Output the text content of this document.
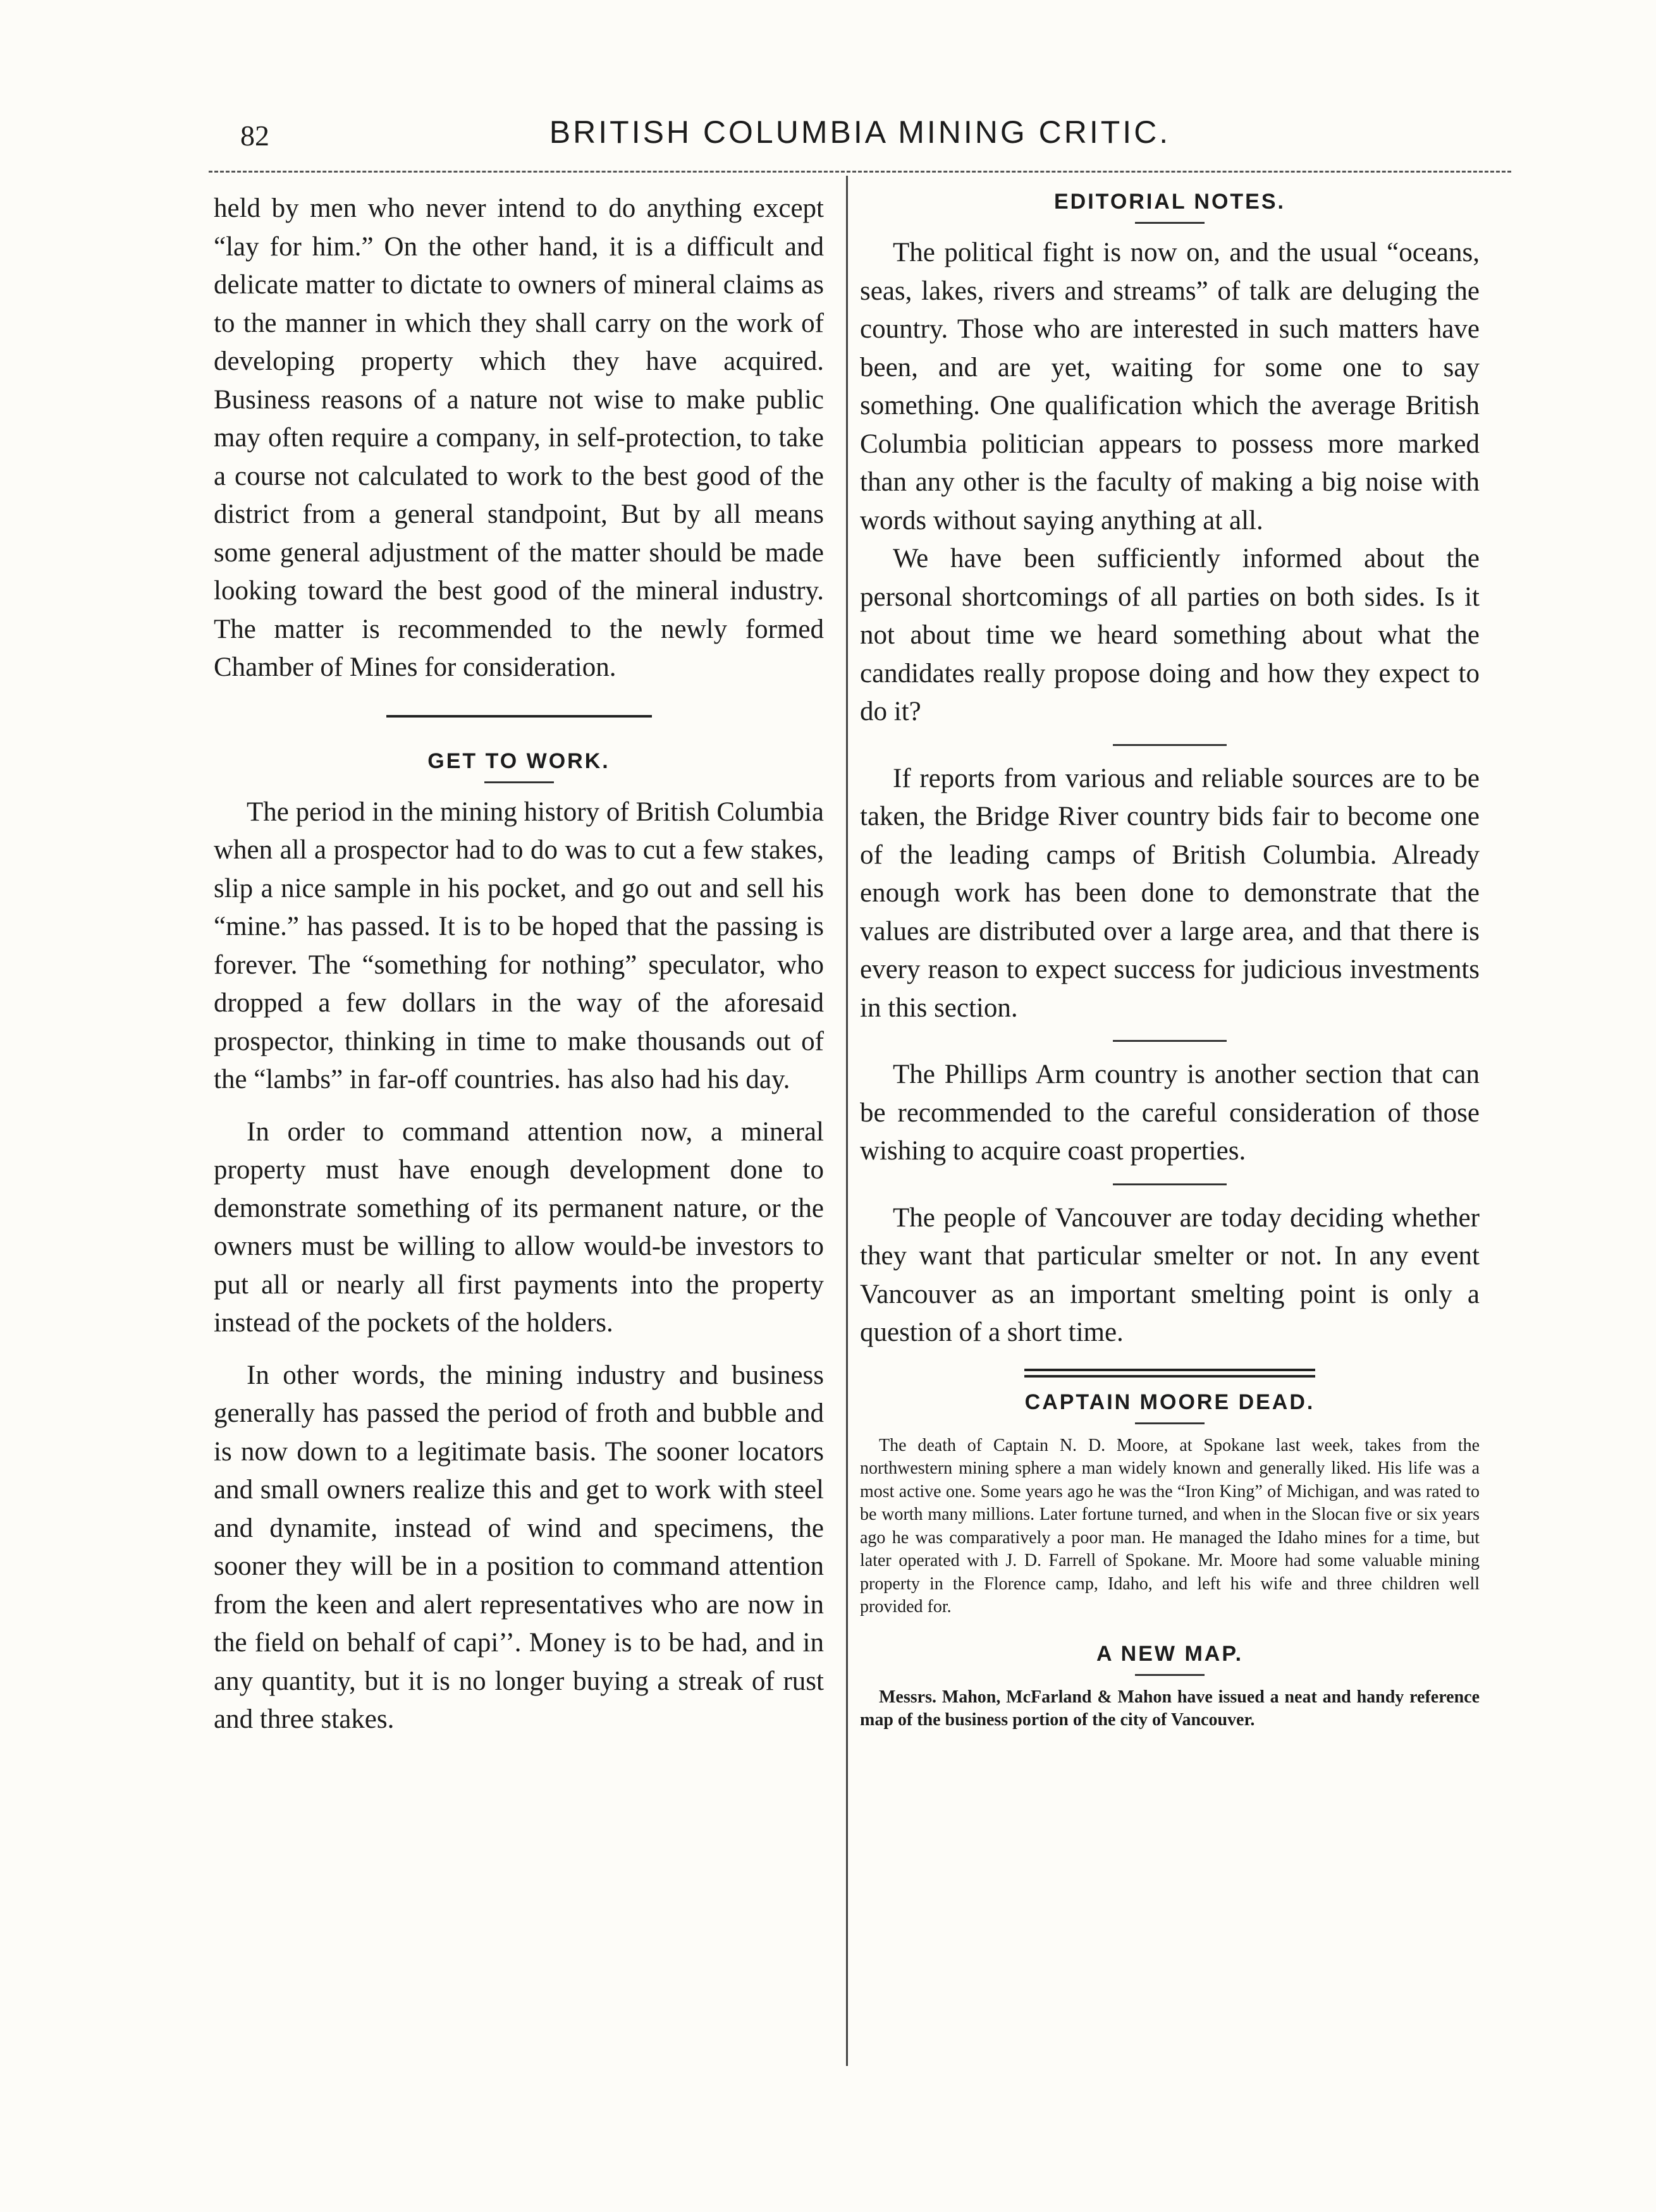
82	BRITISH COLUMBIA MINING CRITIC.

held by men who never intend to do anything except “lay for him.” On the other hand, it is a difficult and delicate matter to dictate to owners of mineral claims as to the manner in which they shall carry on the work of developing property which they have acquired. Business reasons of a nature not wise to make public may often require a company, in self-protection, to take a course not calculated to work to the best good of the district from a general standpoint, But by all means some general adjustment of the matter should be made looking toward the best good of the mineral industry. The matter is recommended to the newly formed Chamber of Mines for consideration.

GET TO WORK.

The period in the mining history of British Columbia when all a prospector had to do was to cut a few stakes, slip a nice sample in his pocket, and go out and sell his “mine.” has passed. It is to be hoped that the passing is forever. The “something for nothing” speculator, who dropped a few dollars in the way of the aforesaid prospector, thinking in time to make thousands out of the “lambs” in far-off countries. has also had his day.

In order to command attention now, a mineral property must have enough development done to demonstrate something of its permanent nature, or the owners must be willing to allow would-be investors to put all or nearly all first payments into the property instead of the pockets of the holders.

In other words, the mining industry and business generally has passed the period of froth and bubble and is now down to a legitimate basis. The sooner locators and small owners realize this and get to work with steel and dynamite, instead of wind and specimens, the sooner they will be in a position to command attention from the keen and alert representatives who are now in the field on behalf of capi’’. Money is to be had, and in any quantity, but it is no longer buying a streak of rust and three stakes.

EDITORIAL NOTES.

The political fight is now on, and the usual “oceans, seas, lakes, rivers and streams” of talk are deluging the country. Those who are interested in such matters have been, and are yet, waiting for some one to say something. One qualification which the average British Columbia politician appears to possess more marked than any other is the faculty of making a big noise with words without saying anything at all.

We have been sufficiently informed about the personal shortcomings of all parties on both sides. Is it not about time we heard something about what the candidates really propose doing and how they expect to do it?

If reports from various and reliable sources are to be taken, the Bridge River country bids fair to become one of the leading camps of British Columbia. Already enough work has been done to demonstrate that the values are distributed over a large area, and that there is every reason to expect success for judicious investments in this section.

The Phillips Arm country is another section that can be recommended to the careful consideration of those wishing to acquire coast properties.

The people of Vancouver are today deciding whether they want that particular smelter or not. In any event Vancouver as an important smelting point is only a question of a short time.

CAPTAIN MOORE DEAD.

The death of Captain N. D. Moore, at Spokane last week, takes from the northwestern mining sphere a man widely known and generally liked. His life was a most active one. Some years ago he was the “Iron King” of Michigan, and was rated to be worth many millions. Later fortune turned, and when in the Slocan five or six years ago he was comparatively a poor man. He managed the Idaho mines for a time, but later operated with J. D. Farrell of Spokane. Mr. Moore had some valuable mining property in the Florence camp, Idaho, and left his wife and three children well provided for.

A NEW MAP.

Messrs. Mahon, McFarland & Mahon have issued a neat and handy reference map of the business portion of the city of Vancouver.
